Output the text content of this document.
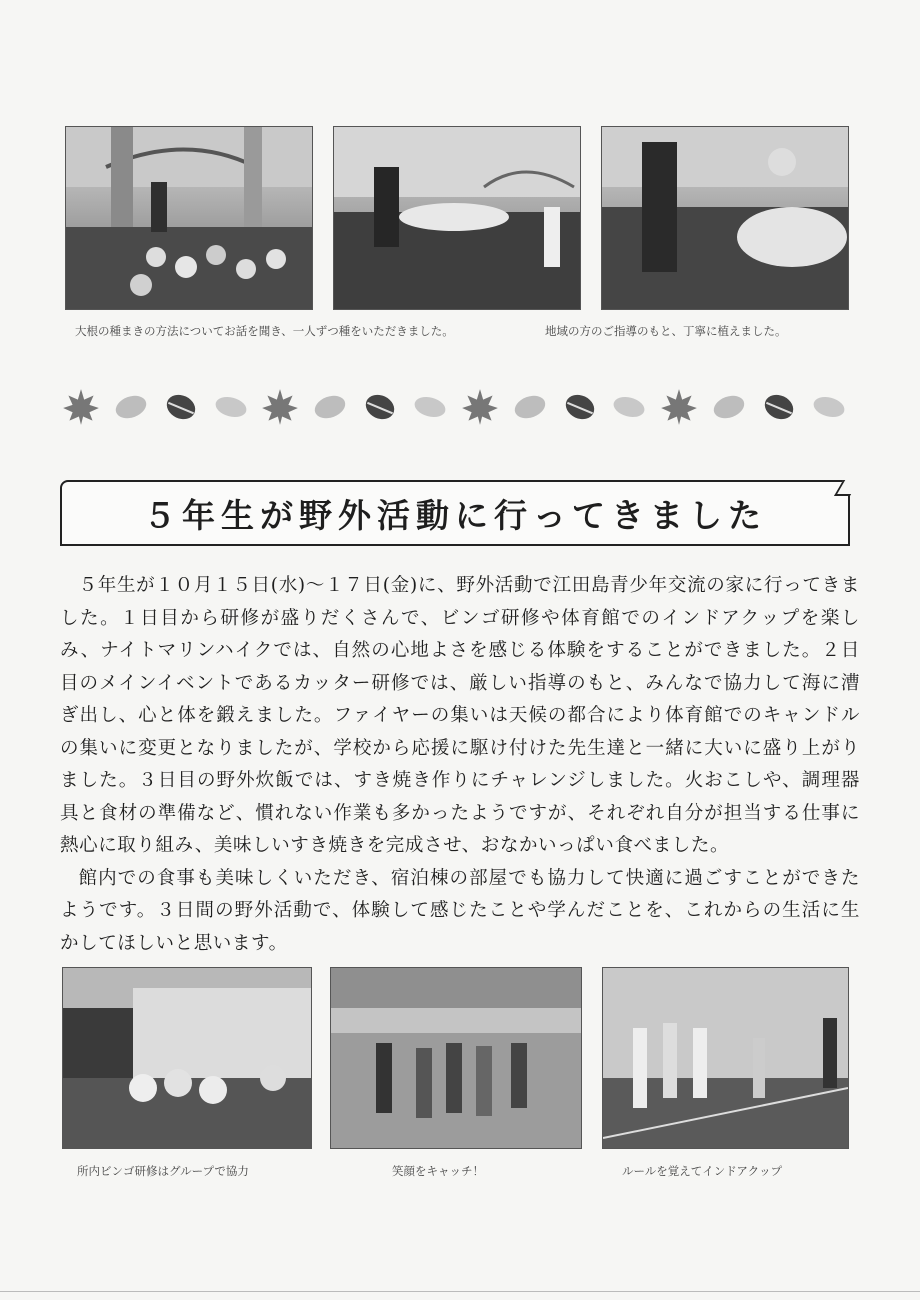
大根の種まきの方法についてお話を聞き、一人ずつ種をいただきました。	地域の方のご指導のもと、丁寧に植えました。
５年生が野外活動に行ってきました

５年生が１０月１５日(水)～１７日(金)に、野外活動で江田島青少年交流の家に行ってきました。１日目から研修が盛りだくさんで、ビンゴ研修や体育館でのインドアクップを楽しみ、ナイトマリンハイクでは、自然の心地よさを感じる体験をすることができました。２日目のメインイベントであるカッター研修では、厳しい指導のもと、みんなで協力して海に漕ぎ出し、心と体を鍛えました。ファイヤーの集いは天候の都合により体育館でのキャンドルの集いに変更となりましたが、学校から応援に駆け付けた先生達と一緒に大いに盛り上がりました。３日目の野外炊飯では、すき焼き作りにチャレンジしました。火おこしや、調理器具と食材の準備など、慣れない作業も多かったようですが、それぞれ自分が担当する仕事に熱心に取り組み、美味しいすき焼きを完成させ、おなかいっぱい食べました。

館内での食事も美味しくいただき、宿泊棟の部屋でも協力して快適に過ごすことができたようです。３日間の野外活動で、体験して感じたことや学んだことを、これからの生活に生かしてほしいと思います。

所内ビンゴ研修はグループで協力	笑顔をキャッチ！	ルールを覚えてインドアクップ
